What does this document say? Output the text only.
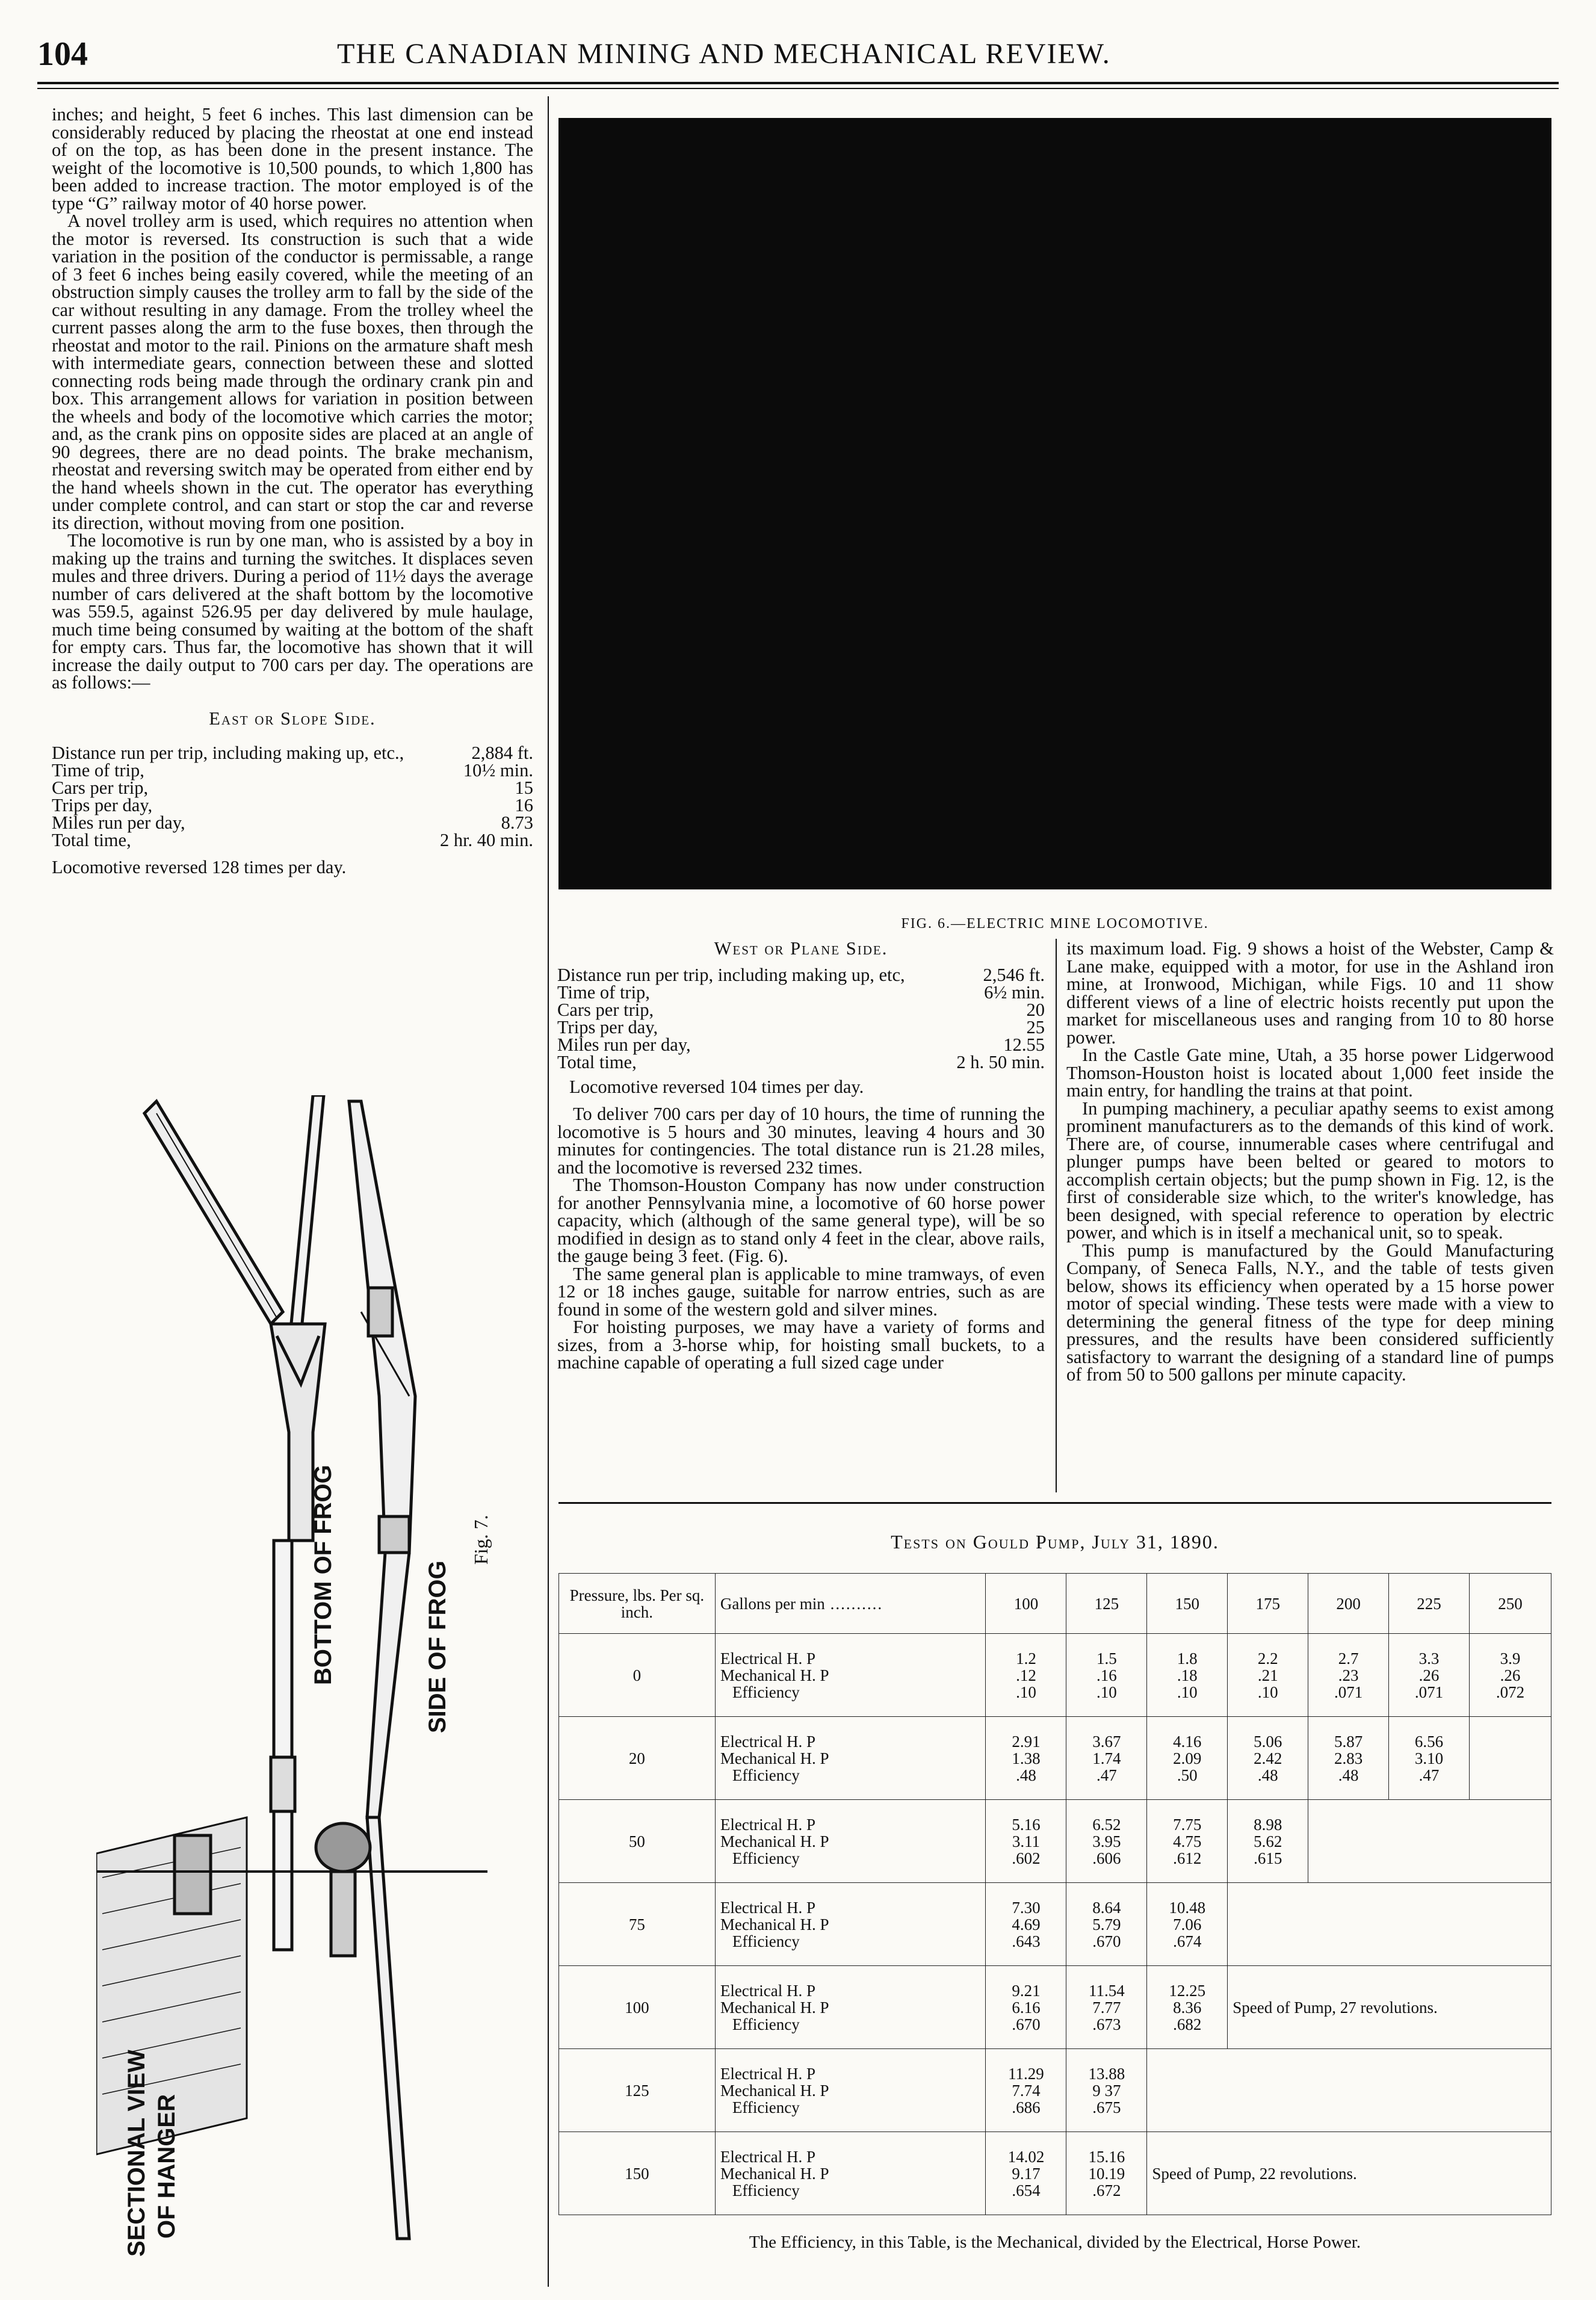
104	THE CANADIAN MINING AND MECHANICAL REVIEW.

inches; and height, 5 feet 6 inches. This last dimension can be considerably reduced by placing the rheostat at one end instead of on the top, as has been done in the present instance. The weight of the locomotive is 10,500 pounds, to which 1,800 has been added to increase traction. The motor employed is of the type “G” railway motor of 40 horse power.

A novel trolley arm is used, which requires no attention when the motor is reversed. Its construction is such that a wide variation in the position of the conductor is permissable, a range of 3 feet 6 inches being easily covered, while the meeting of an obstruction simply causes the trolley arm to fall by the side of the car without resulting in any damage. From the trolley wheel the current passes along the arm to the fuse boxes, then through the rheostat and motor to the rail. Pinions on the armature shaft mesh with intermediate gears, connection between these and slotted connecting rods being made through the ordinary crank pin and box. This arrangement allows for variation in position between the wheels and body of the locomotive which carries the motor; and, as the crank pins on opposite sides are placed at an angle of 90 degrees, there are no dead points. The brake mechanism, rheostat and reversing switch may be operated from either end by the hand wheels shown in the cut. The operator has everything under complete control, and can start or stop the car and reverse its direction, without moving from one position.

The locomotive is run by one man, who is assisted by a boy in making up the trains and turning the switches. It displaces seven mules and three drivers. During a period of 11½ days the average number of cars delivered at the shaft bottom by the locomotive was 559.5, against 526.95 per day delivered by mule haulage, much time being consumed by waiting at the bottom of the shaft for empty cars. Thus far, the locomotive has shown that it will increase the daily output to 700 cars per day. The operations are as follows:—

East or Slope Side.
Distance run per trip, including making up, etc.,	2,884 ft.
Time of trip,	10½ min.
Cars per trip,	15
Trips per day,	16
Miles run per day,	8.73
Total time,	2 hr. 40 min.

Locomotive reversed 128 times per day.

BOTTOM OF FROG	SIDE OF FROG
SECTIONAL VIEW OF HANGER
Fig. 7.
FIG. 6.—ELECTRIC MINE LOCOMOTIVE.
West or Plane Side.
Distance run per trip, including making up, etc,	2,546 ft.
Time of trip,	6½ min.
Cars per trip,	20
Trips per day,	25
Miles run per day,	12.55
Total time,	2 h. 50 min.

Locomotive reversed 104 times per day.

To deliver 700 cars per day of 10 hours, the time of running the locomotive is 5 hours and 30 minutes, leaving 4 hours and 30 minutes for contingencies. The total distance run is 21.28 miles, and the locomotive is reversed 232 times.

The Thomson-Houston Company has now under construction for another Pennsylvania mine, a locomotive of 60 horse power capacity, which (although of the same general type), will be so modified in design as to stand only 4 feet in the clear, above rails, the gauge being 3 feet. (Fig. 6).

The same general plan is applicable to mine tramways, of even 12 or 18 inches gauge, suitable for narrow entries, such as are found in some of the western gold and silver mines.

For hoisting purposes, we may have a variety of forms and sizes, from a 3-horse whip, for hoisting small buckets, to a machine capable of operating a full sized cage under

its maximum load. Fig. 9 shows a hoist of the Webster, Camp & Lane make, equipped with a motor, for use in the Ashland iron mine, at Ironwood, Michigan, while Figs. 10 and 11 show different views of a line of electric hoists recently put upon the market for miscellaneous uses and ranging from 10 to 80 horse power.

In the Castle Gate mine, Utah, a 35 horse power Lidgerwood Thomson-Houston hoist is located about 1,000 feet inside the main entry, for handling the trains at that point.

In pumping machinery, a peculiar apathy seems to exist among prominent manufacturers as to the demands of this kind of work. There are, of course, innumerable cases where centrifugal and plunger pumps have been belted or geared to motors to accomplish certain objects; but the pump shown in Fig. 12, is the first of considerable size which, to the writer's knowledge, has been designed, with special reference to operation by electric power, and which is in itself a mechanical unit, so to speak.

This pump is manufactured by the Gould Manufacturing Company, of Seneca Falls, N.Y., and the table of tests given below, shows its efficiency when operated by a 15 horse power motor of special winding. These tests were made with a view to determining the general fitness of the type for deep mining pressures, and the results have been considered sufficiently satisfactory to warrant the designing of a standard line of pumps of from 50 to 500 gallons per minute capacity.

Tests on Gould Pump, July 31, 1890.
Pressure, lbs. Per sq. inch.	Gallons per min ..........	100	125	150	175	200	225	250
0	Electrical H. P
Mechanical H. P
Efficiency	1.2
.12
.10	1.5
.16
.10	1.8
.18
.10	2.2
.21
.10	2.7
.23
.071	3.3
.26
.071	3.9
.26
.072

20	Electrical H. P
Mechanical H. P
Efficiency	2.91
1.38
.48	3.67
1.74
.47	4.16
2.09
.50	5.06
2.42
.48	5.87
2.83
.48	6.56
3.10
.47	

50	Electrical H. P
Mechanical H. P
Efficiency	5.16
3.11
.602	6.52
3.95
.606	7.75
4.75
.612	8.98
5.62
.615			

75	Electrical H. P
Mechanical H. P
Efficiency	7.30
4.69
.643	8.64
5.79
.670	10.48
7.06
.674				

100	Electrical H. P
Mechanical H. P
Efficiency	9.21
6.16
.670	11.54
7.77
.673	12.25
8.36
.682	Speed of Pump, 27 revolutions.			

125	Electrical H. P
Mechanical H. P
Efficiency	11.29
7.74
.686	13.88
9 37
.675					

150	Electrical H. P
Mechanical H. P
Efficiency	14.02
9.17
.654	15.16
10.19
.672	Speed of Pump, 22 revolutions.				
The Efficiency, in this Table, is the Mechanical, divided by the Electrical, Horse Power.
